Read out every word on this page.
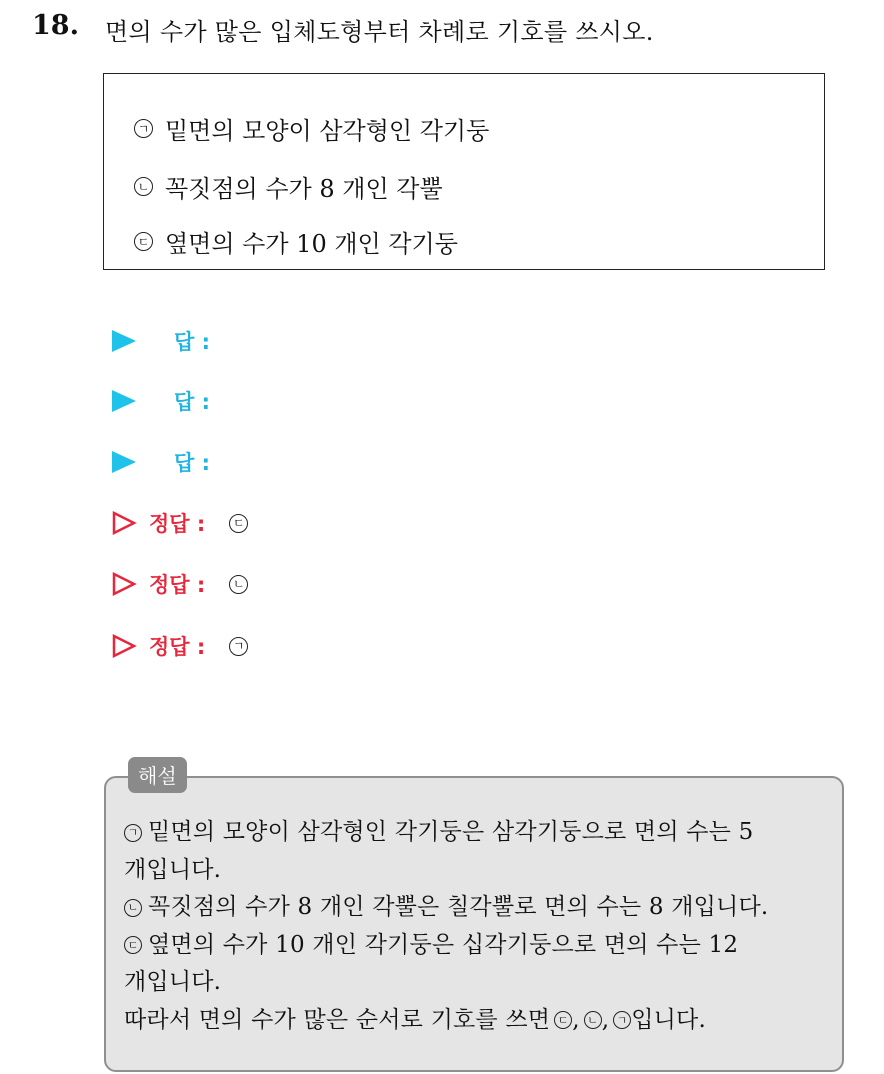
18. 면의 수가 많은 입체도형부터 차례로 기호를 쓰시오.
ㄱ 밑면의 모양이 삼각형인 각기둥
ㄴ 꼭짓점의 수가 8 개인 각뿔
ㄷ 옆면의 수가 10 개인 각기둥
답 :
답 :
답 :
정답 :	ㄷ
정답 :	ㄴ
정답 :	ㄱ
해설
ㄱ 밑면의 모양이 삼각형인 각기둥은 삼각기둥으로 면의 수는 5
개입니다.
ㄴ 꼭짓점의 수가 8 개인 각뿔은 칠각뿔로 면의 수는 8 개입니다.
ㄷ 옆면의 수가 10 개인 각기둥은 십각기둥으로 면의 수는 12
개입니다.
따라서 면의 수가 많은 순서로 기호를 쓰면 ㄷ , ㄴ , ㄱ 입니다.
